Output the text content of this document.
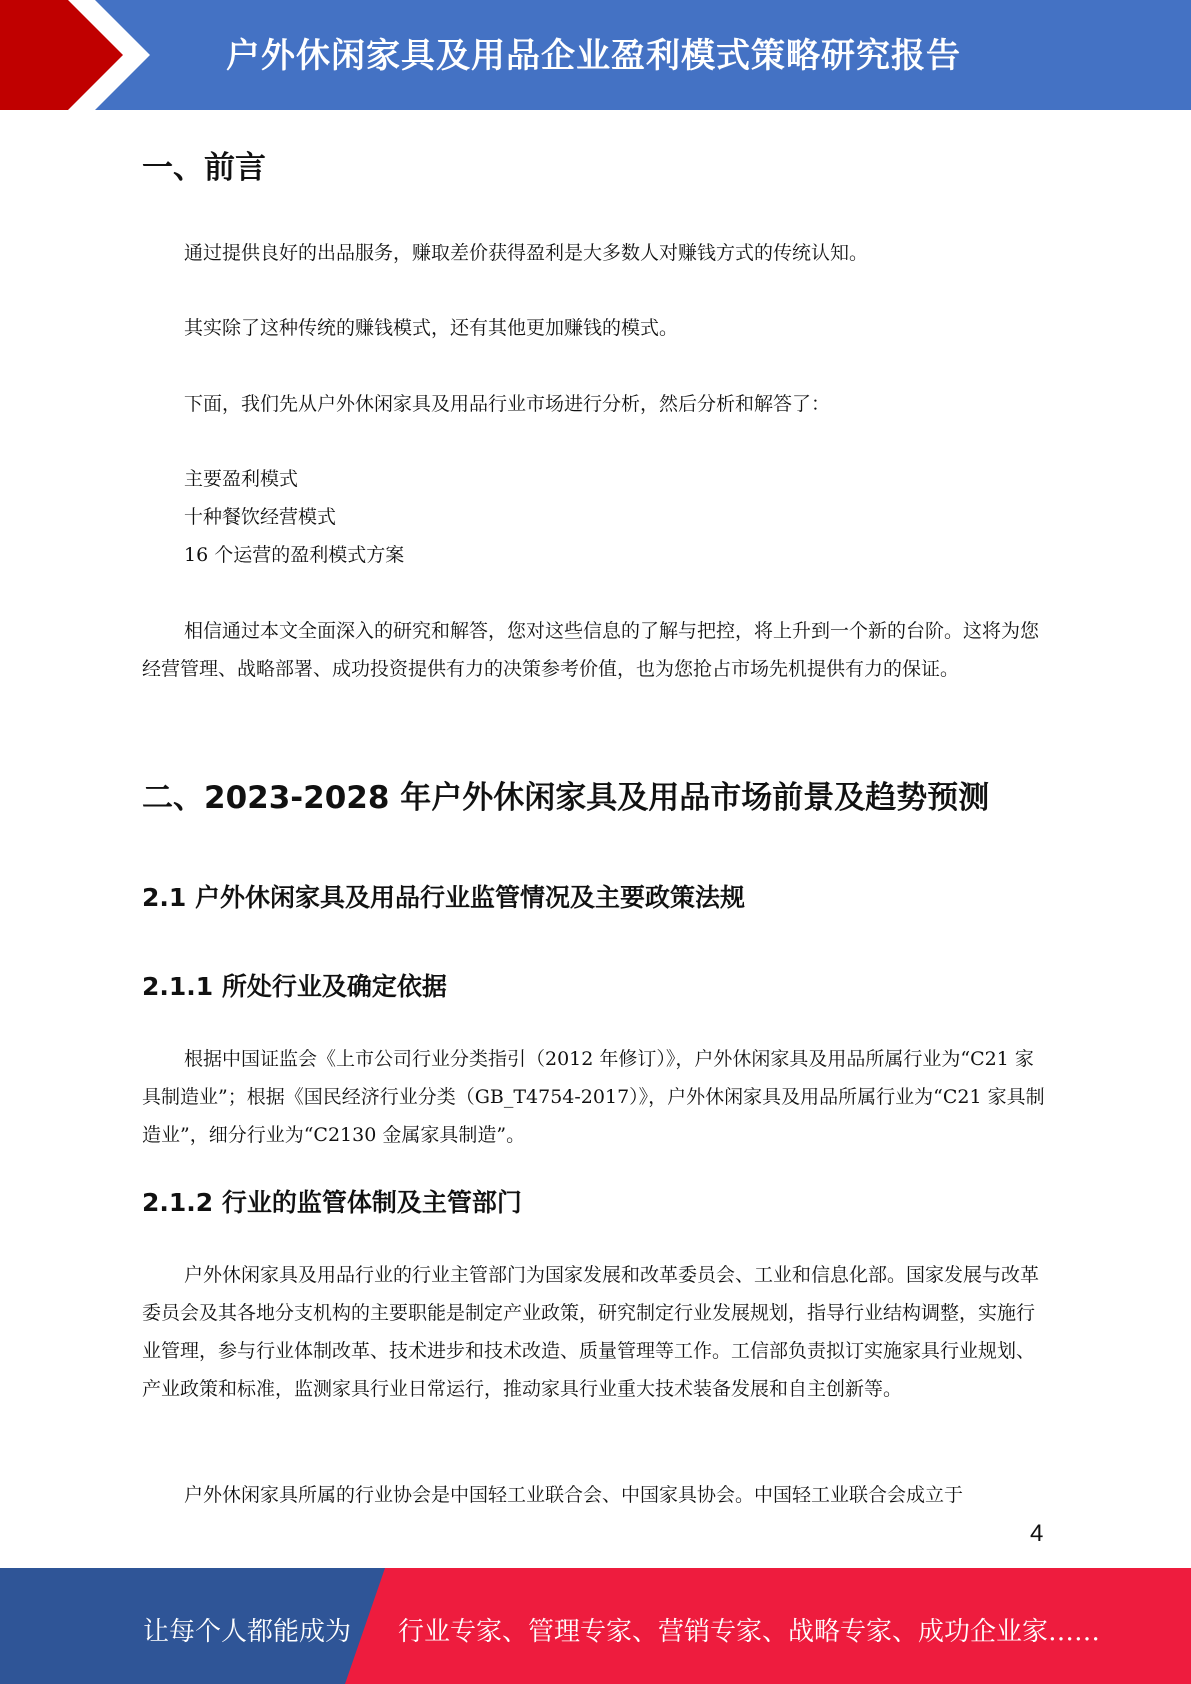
户外休闲家具及用品企业盈利模式策略研究报告
一、前言

通过提供良好的出品服务，赚取差价获得盈利是大多数人对赚钱方式的传统认知。

其实除了这种传统的赚钱模式，还有其他更加赚钱的模式。

下面，我们先从户外休闲家具及用品行业市场进行分析，然后分析和解答了：

主要盈利模式
十种餐饮经营模式
16 个运营的盈利模式方案

相信通过本文全面深入的研究和解答，您对这些信息的了解与把控，将上升到一个新的台阶。这将为您经营管理、战略部署、成功投资提供有力的决策参考价值，也为您抢占市场先机提供有力的保证。

二、2023-2028 年户外休闲家具及用品市场前景及趋势预测
2.1 户外休闲家具及用品行业监管情况及主要政策法规
2.1.1 所处行业及确定依据

根据中国证监会《上市公司行业分类指引（2012 年修订）》，户外休闲家具及用品所属行业为“C21 家具制造业”；根据《国民经济行业分类（GB_T4754-2017）》，户外休闲家具及用品所属行业为“C21 家具制造业”，细分行业为“C2130 金属家具制造”。

2.1.2 行业的监管体制及主管部门

户外休闲家具及用品行业的行业主管部门为国家发展和改革委员会、工业和信息化部。国家发展与改革委员会及其各地分支机构的主要职能是制定产业政策，研究制定行业发展规划，指导行业结构调整，实施行业管理，参与行业体制改革、技术进步和技术改造、质量管理等工作。工信部负责拟订实施家具行业规划、产业政策和标准，监测家具行业日常运行，推动家具行业重大技术装备发展和自主创新等。

户外休闲家具所属的行业协会是中国轻工业联合会、中国家具协会。中国轻工业联合会成立于

4
让每个人都能成为 行业专家、管理专家、营销专家、战略专家、成功企业家……
